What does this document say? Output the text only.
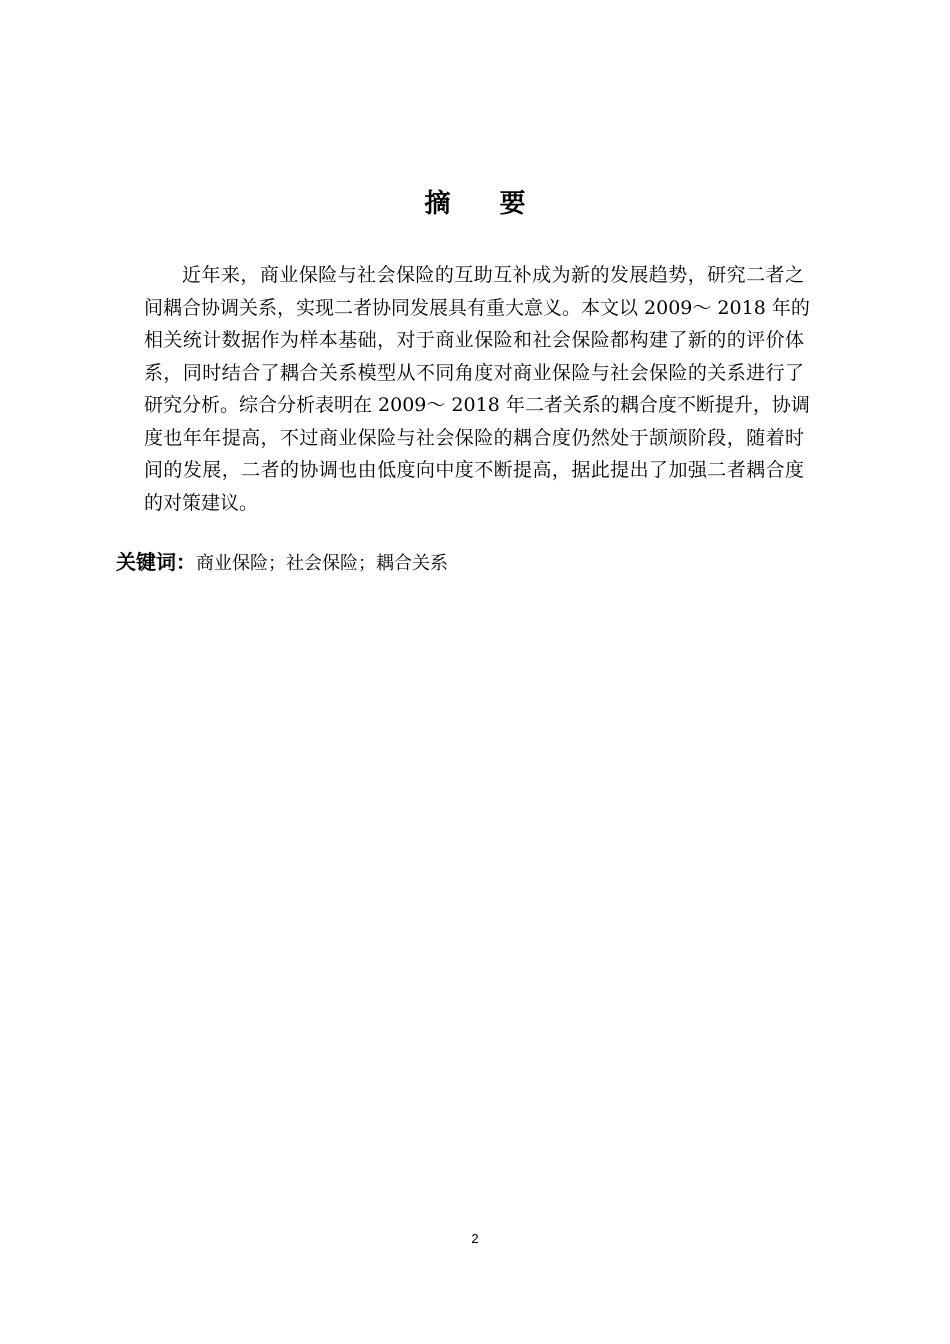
摘 要
近年来，商业保险与社会保险的互助互补成为新的发展趋势，研究二者之
间耦合协调关系，实现二者协同发展具有重大意义。本文以 2009～ 2018 年的
相关统计数据作为样本基础，对于商业保险和社会保险都构建了新的的评价体
系，同时结合了耦合关系模型从不同角度对商业保险与社会保险的关系进行了
研究分析。综合分析表明在 2009～ 2018 年二者关系的耦合度不断提升，协调
度也年年提高，不过商业保险与社会保险的耦合度仍然处于颉颃阶段，随着时
间的发展，二者的协调也由低度向中度不断提高，据此提出了加强二者耦合度
的对策建议。
关键词：商业保险；社会保险；耦合关系
2
